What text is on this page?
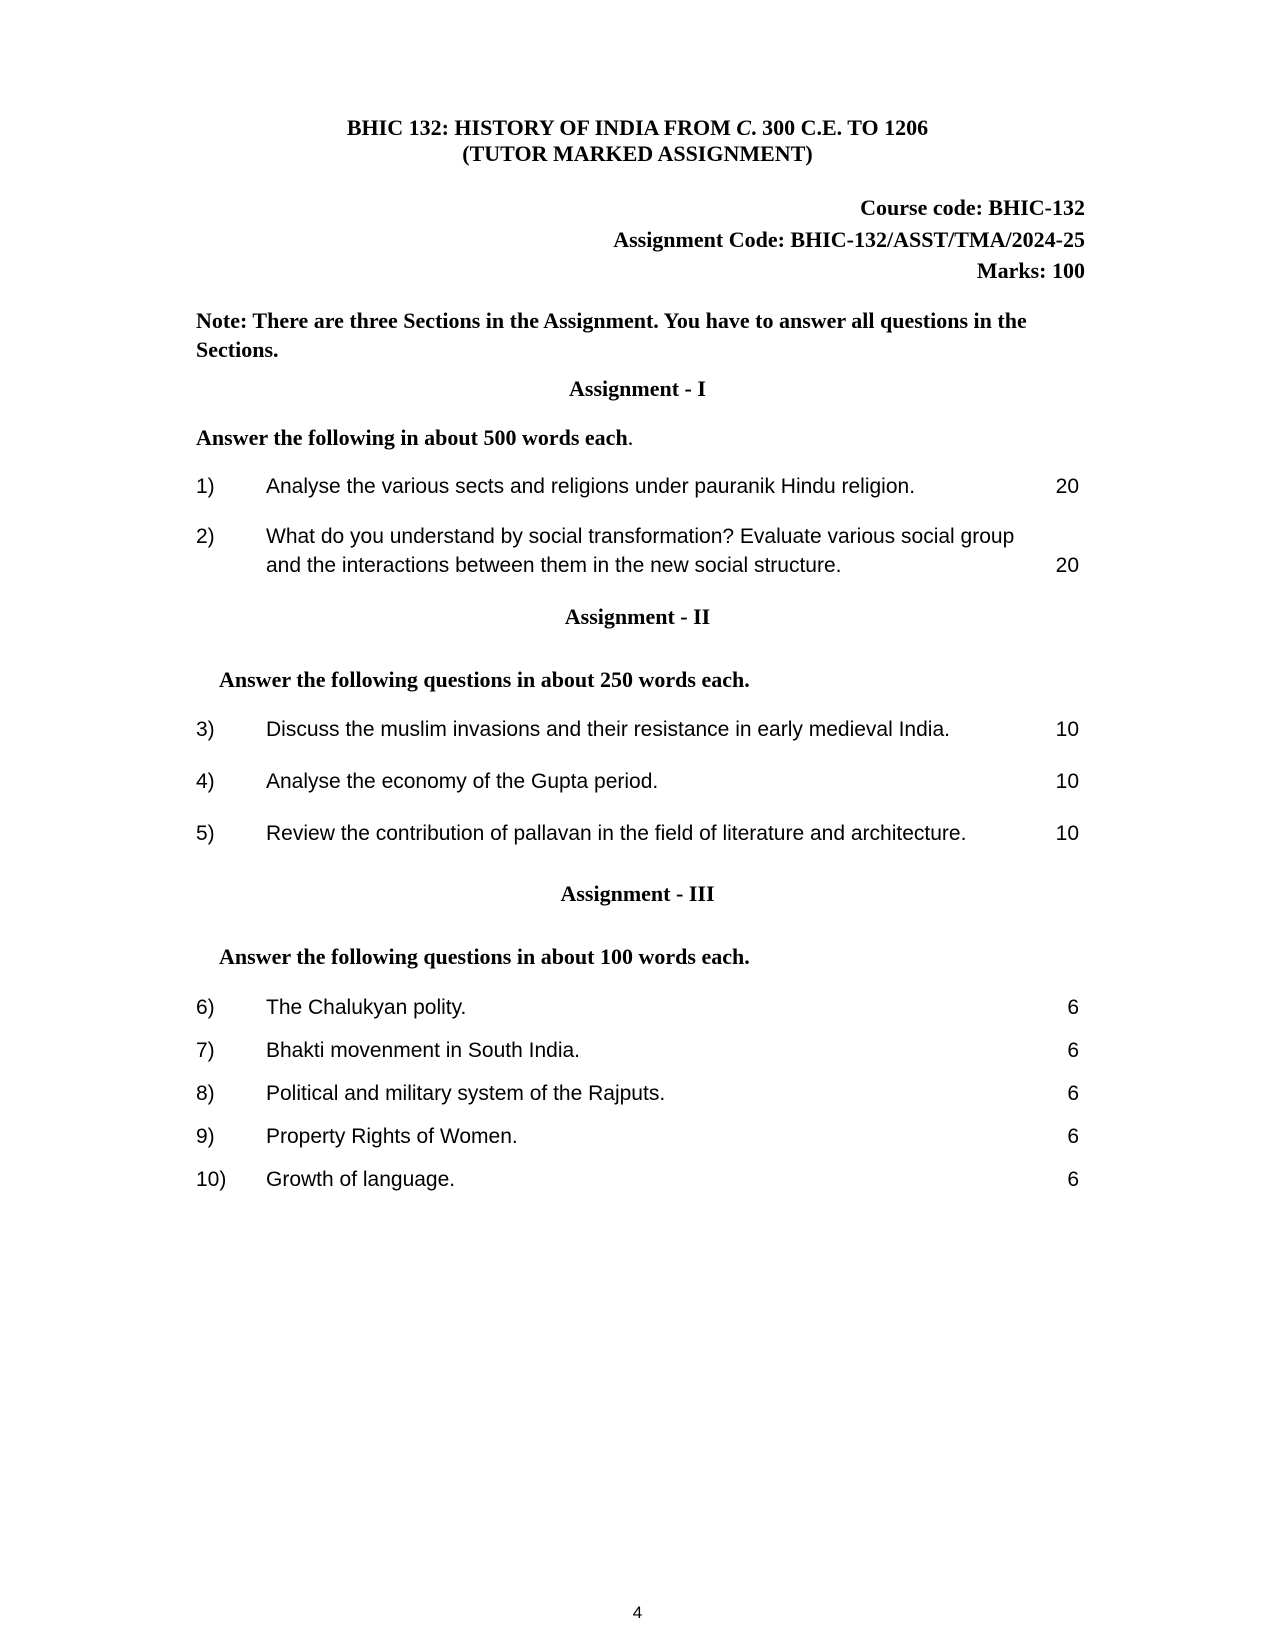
BHIC 132: HISTORY OF INDIA FROM C. 300 C.E. TO 1206
(TUTOR MARKED ASSIGNMENT)
Course code: BHIC-132
Assignment Code: BHIC-132/ASST/TMA/2024-25
Marks: 100
Note: There are three Sections in the Assignment. You have to answer all questions in the Sections.
Assignment - I
Answer the following in about 500 words each.
1) Analyse the various sects and religions under pauranik Hindu religion.	20
2) What do you understand by social transformation? Evaluate various social group
and the interactions between them in the new social structure.	20
Assignment - II
Answer the following questions in about 250 words each.
3) Discuss the muslim invasions and their resistance in early medieval India.	10
4) Analyse the economy of the Gupta period.	10
5) Review the contribution of pallavan in the field of literature and architecture.	10
Assignment - III
Answer the following questions in about 100 words each.
6) The Chalukyan polity.	6
7) Bhakti movenment in South India.	6
8) Political and military system of the Rajputs.	6
9) Property Rights of Women.	6
10) Growth of language.	6
4
